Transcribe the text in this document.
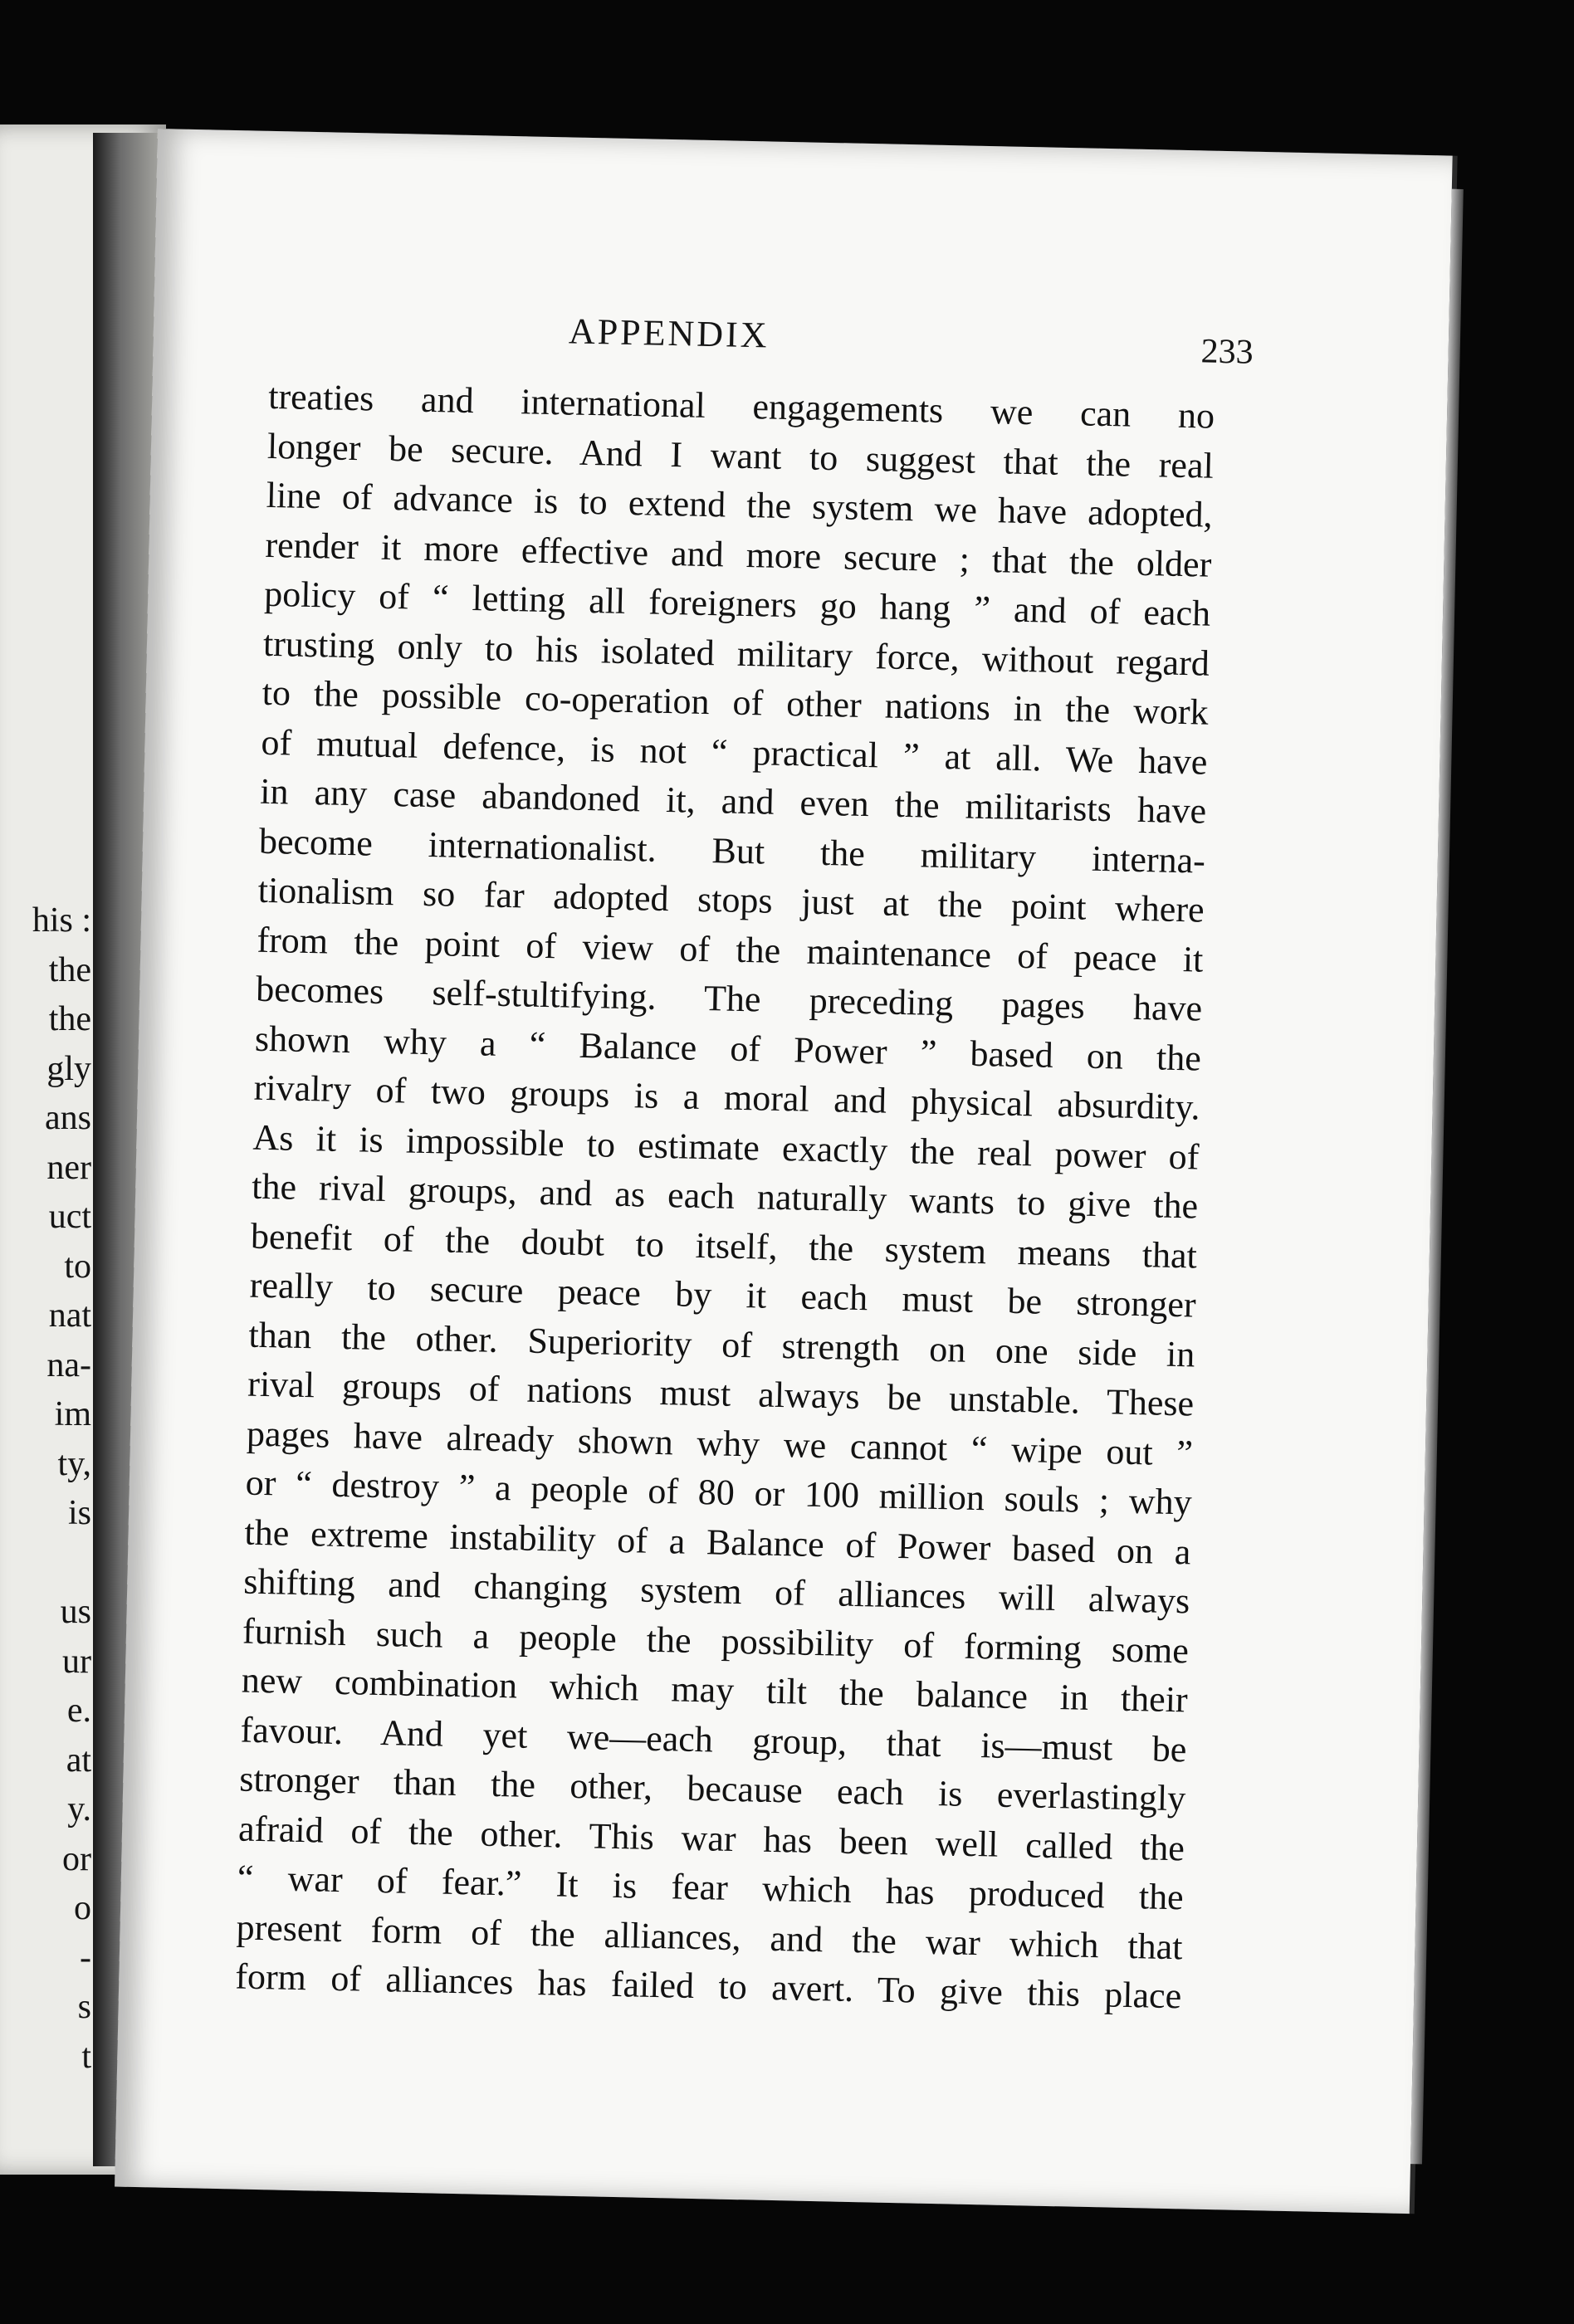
his :
the
the
gly
ans
ner
uct
to
nat
na-
im
ty,
is
us
ur
e.
at
y.
or
o
-
s
t
APPENDIX	233
treaties and international engagements we can no
longer be secure. And I want to suggest that the real
line of advance is to extend the system we have adopted,
render it more effective and more secure ; that the older
policy of “ letting all foreigners go hang ” and of each
trusting only to his isolated military force, without regard
to the possible co-operation of other nations in the work
of mutual defence, is not “ practical ” at all. We have
in any case abandoned it, and even the militarists have
become internationalist. But the military interna-
tionalism so far adopted stops just at the point where
from the point of view of the maintenance of peace it
becomes self-stultifying. The preceding pages have
shown why a “ Balance of Power ” based on the
rivalry of two groups is a moral and physical absurdity.
As it is impossible to estimate exactly the real power of
the rival groups, and as each naturally wants to give the
benefit of the doubt to itself, the system means that
really to secure peace by it each must be stronger
than the other. Superiority of strength on one side in
rival groups of nations must always be unstable. These
pages have already shown why we cannot “ wipe out ”
or “ destroy ” a people of 80 or 100 million souls ; why
the extreme instability of a Balance of Power based on a
shifting and changing system of alliances will always
furnish such a people the possibility of forming some
new combination which may tilt the balance in their
favour. And yet we—each group, that is—must be
stronger than the other, because each is everlastingly
afraid of the other. This war has been well called the
“ war of fear.” It is fear which has produced the
present form of the alliances, and the war which that
form of alliances has failed to avert. To give this place
